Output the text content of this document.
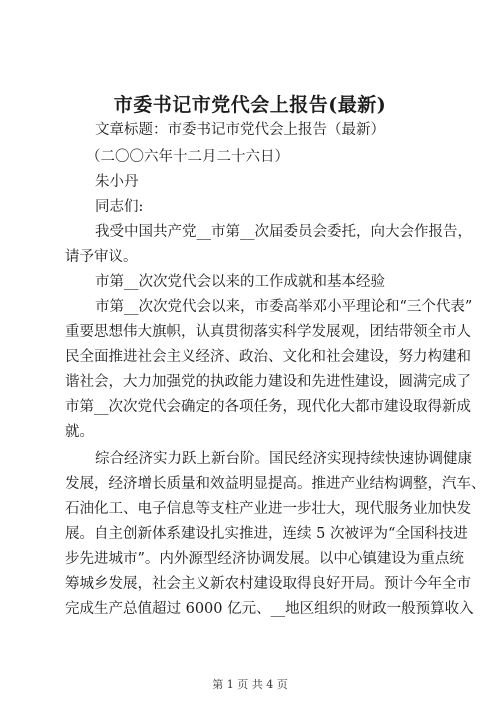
市委书记市党代会上报告(最新)
文章标题：市委书记市党代会上报告（最新）
（二〇〇六年十二月二十六日）
朱小丹
同志们:
我受中国共产党__市第__次届委员会委托，向大会作报告，
请予审议。
市第__次次党代会以来的工作成就和基本经验
市第__次次党代会以来，市委高举邓小平理论和“三个代表”
重要思想伟大旗帜，认真贯彻落实科学发展观，团结带领全市人
民全面推进社会主义经济、政治、文化和社会建设，努力构建和
谐社会，大力加强党的执政能力建设和先进性建设，圆满完成了
市第__次次党代会确定的各项任务，现代化大都市建设取得新成
就。
综合经济实力跃上新台阶。国民经济实现持续快速协调健康
发展，经济增长质量和效益明显提高。推进产业结构调整，汽车、
石油化工、电子信息等支柱产业进一步壮大，现代服务业加快发
展。自主创新体系建设扎实推进，连续 5 次被评为“全国科技进
步先进城市”。内外源型经济协调发展。以中心镇建设为重点统
筹城乡发展，社会主义新农村建设取得良好开局。预计今年全市
完成生产总值超过 6000 亿元、__地区组织的财政一般预算收入
第 1 页 共 4 页
